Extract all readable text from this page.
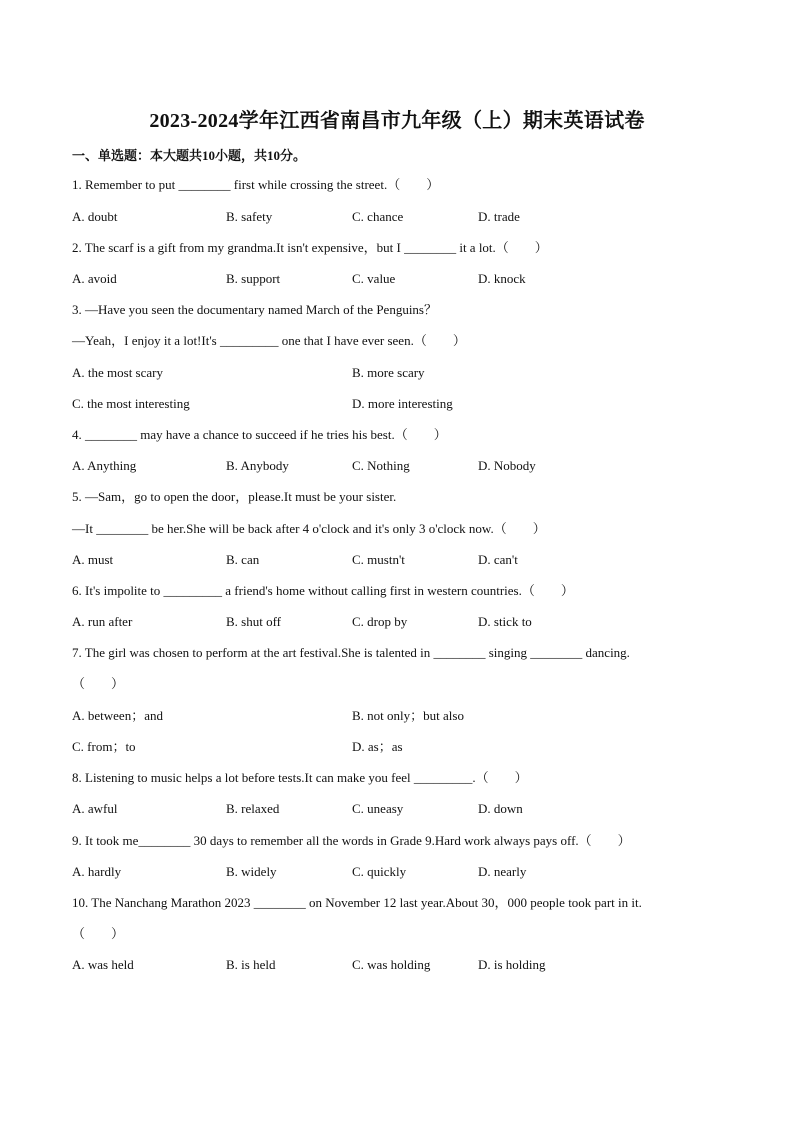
2023-2024学年江西省南昌市九年级（上）期末英语试卷
一、单选题：本大题共10小题，共10分。
1. Remember to put ________ first while crossing the street.（　　）
A. doubt	B. safety	C. chance	D. trade
2. The scarf is a gift from my grandma.It isn't expensive，but I ________ it a lot.（　　）
A. avoid	B. support	C. value	D. knock
3. —Have you seen the documentary named March of the Penguins？
—Yeah，I enjoy it a lot!It's _________ one that I have ever seen.（　　）
A. the most scary	B. more scary
C. the most interesting	D. more interesting
4. ________ may have a chance to succeed if he tries his best.（　　）
A. Anything	B. Anybody	C. Nothing	D. Nobody
5. —Sam，go to open the door，please.It must be your sister.
—It ________ be her.She will be back after 4 o'clock and it's only 3 o'clock now.（　　）
A. must	B. can	C. mustn't	D. can't
6. It's impolite to _________ a friend's home without calling first in western countries.（　　）
A. run after	B. shut off	C. drop by	D. stick to
7. The girl was chosen to perform at the art festival.She is talented in ________ singing ________ dancing.
（　　）
A. between；and	B. not only；but also
C. from；to	D. as；as
8. Listening to music helps a lot before tests.It can make you feel _________.（　　）
A. awful	B. relaxed	C. uneasy	D. down
9. It took me________ 30 days to remember all the words in Grade 9.Hard work always pays off.（　　）
A. hardly	B. widely	C. quickly	D. nearly
10. The Nanchang Marathon 2023 ________ on November 12 last year.About 30，000 people took part in it.
（　　）
A. was held	B. is held	C. was holding	D. is holding
